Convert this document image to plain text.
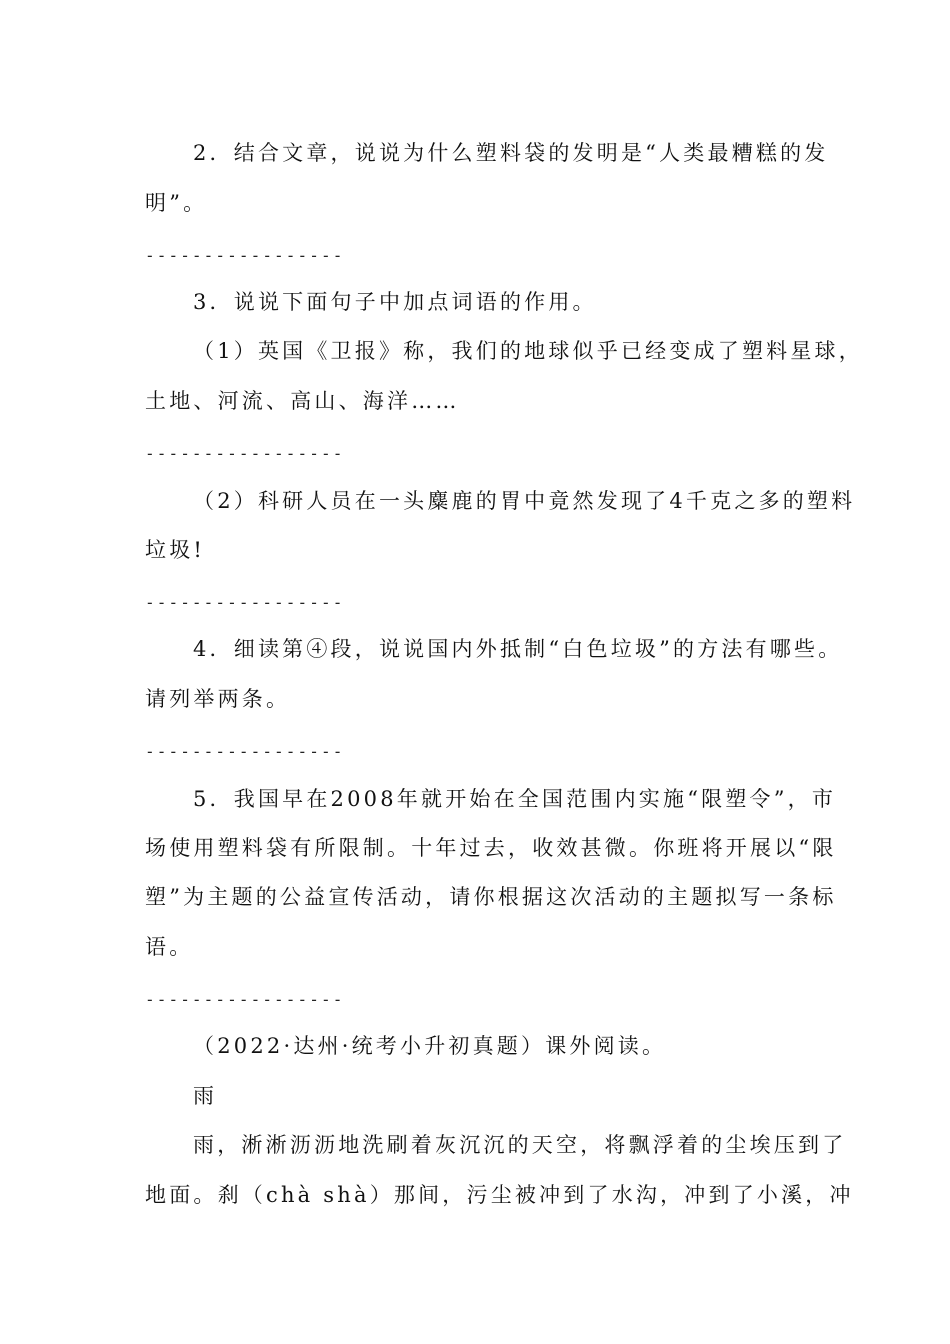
2．结合文章，说说为什么塑料袋的发明是“人类最糟糕的发
明”。
-----------------
3．说说下面句子中加点词语的作用。
（1）英国《卫报》称，我们的地球似乎已经变成了塑料星球，
土地、河流、高山、海洋……
-----------------
（2）科研人员在一头麋鹿的胃中竟然发现了4千克之多的塑料
垃圾!
-----------------
4．细读第④段，说说国内外抵制“白色垃圾”的方法有哪些。
请列举两条。
-----------------
5．我国早在2008年就开始在全国范围内实施“限塑令”，市
场使用塑料袋有所限制。十年过去，收效甚微。你班将开展以“限
塑”为主题的公益宣传活动，请你根据这次活动的主题拟写一条标
语。
-----------------
（2022·达州·统考小升初真题）课外阅读。
雨
雨，淅淅沥沥地洗刷着灰沉沉的天空，将飘浮着的尘埃压到了
地面。刹（chà shà）那间，污尘被冲到了水沟，冲到了小溪，冲
